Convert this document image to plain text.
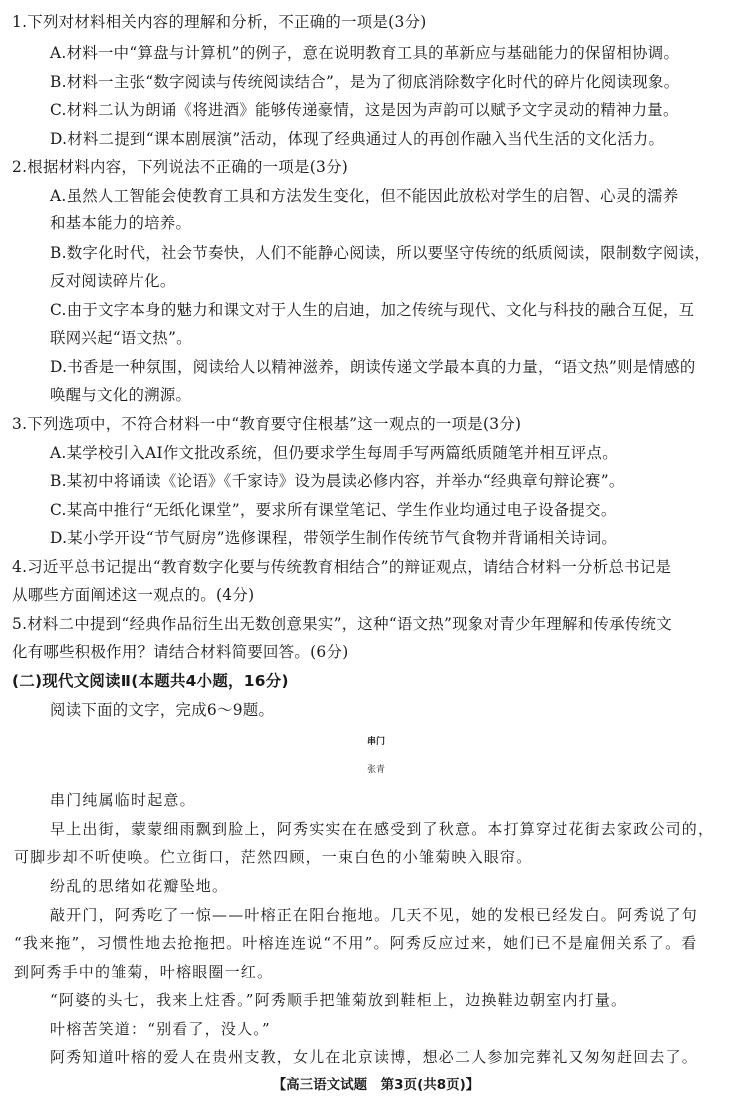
1.下列对材料相关内容的理解和分析，不正确的一项是(3分)
A.材料一中“算盘与计算机”的例子，意在说明教育工具的革新应与基础能力的保留相协调。
B.材料一主张“数字阅读与传统阅读结合”，是为了彻底消除数字化时代的碎片化阅读现象。
C.材料二认为朗诵《将进酒》能够传递豪情，这是因为声韵可以赋予文字灵动的精神力量。
D.材料二提到“课本剧展演”活动，体现了经典通过人的再创作融入当代生活的文化活力。
2.根据材料内容，下列说法不正确的一项是(3分)
A.虽然人工智能会使教育工具和方法发生变化，但不能因此放松对学生的启智、心灵的濡养
和基本能力的培养。
B.数字化时代，社会节奏快，人们不能静心阅读，所以要坚守传统的纸质阅读，限制数字阅读，
反对阅读碎片化。
C.由于文字本身的魅力和课文对于人生的启迪，加之传统与现代、文化与科技的融合互促，互
联网兴起“语文热”。
D.书香是一种氛围，阅读给人以精神滋养，朗读传递文学最本真的力量，“语文热”则是情感的
唤醒与文化的溯源。
3.下列选项中，不符合材料一中“教育要守住根基”这一观点的一项是(3分)
A.某学校引入AI作文批改系统，但仍要求学生每周手写两篇纸质随笔并相互评点。
B.某初中将诵读《论语》《千家诗》设为晨读必修内容，并举办“经典章句辩论赛”。
C.某高中推行“无纸化课堂”，要求所有课堂笔记、学生作业均通过电子设备提交。
D.某小学开设“节气厨房”选修课程，带领学生制作传统节气食物并背诵相关诗词。
4.习近平总书记提出“教育数字化要与传统教育相结合”的辩证观点，请结合材料一分析总书记是
从哪些方面阐述这一观点的。(4分)
5.材料二中提到“经典作品衍生出无数创意果实”，这种“语文热”现象对青少年理解和传承传统文
化有哪些积极作用？请结合材料简要回答。(6分)
(二)现代文阅读Ⅱ(本题共4小题，16分)
阅读下面的文字，完成6～9题。
串门
张青
串门纯属临时起意。
早上出街，蒙蒙细雨飘到脸上，阿秀实实在在感受到了秋意。本打算穿过花街去家政公司的，
可脚步却不听使唤。伫立街口，茫然四顾，一束白色的小雏菊映入眼帘。
纷乱的思绪如花瓣坠地。
敲开门，阿秀吃了一惊——叶榕正在阳台拖地。几天不见，她的发根已经发白。阿秀说了句
“我来拖”，习惯性地去抢拖把。叶榕连连说“不用”。阿秀反应过来，她们已不是雇佣关系了。看
到阿秀手中的雏菊，叶榕眼圈一红。
“阿婆的头七，我来上炷香。”阿秀顺手把雏菊放到鞋柜上，边换鞋边朝室内打量。
叶榕苦笑道：“别看了，没人。”
阿秀知道叶榕的爱人在贵州支教，女儿在北京读博，想必二人参加完葬礼又匆匆赶回去了。
【高三语文试题　第3页(共8页)】
